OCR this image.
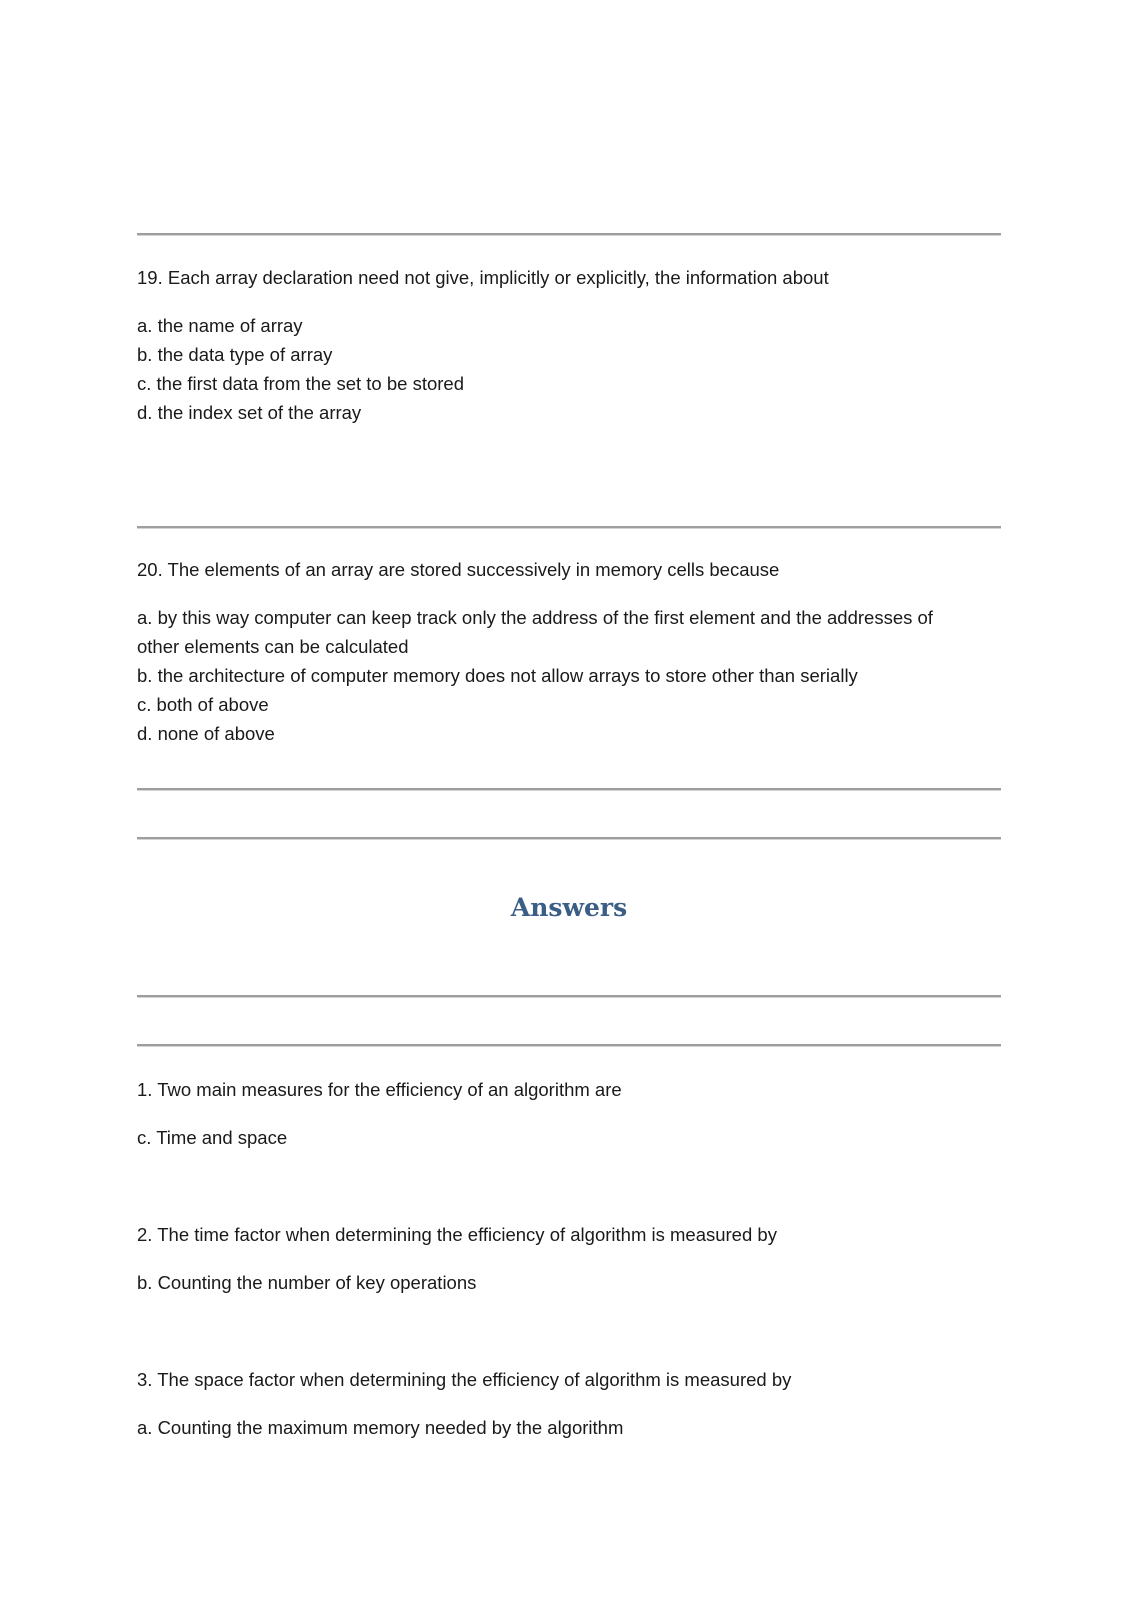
19. Each array declaration need not give, implicitly or explicitly, the information about
a. the name of array
b. the data type of array
c. the first data from the set to be stored
d. the index set of the array
20. The elements of an array are stored successively in memory cells because
a. by this way computer can keep track only the address of the first element and the addresses of
other elements can be calculated
b. the architecture of computer memory does not allow arrays to store other than serially
c. both of above
d. none of above
Answers
1. Two main measures for the efficiency of an algorithm are
c. Time and space
2. The time factor when determining the efficiency of algorithm is measured by
b. Counting the number of key operations
3. The space factor when determining the efficiency of algorithm is measured by
a. Counting the maximum memory needed by the algorithm
